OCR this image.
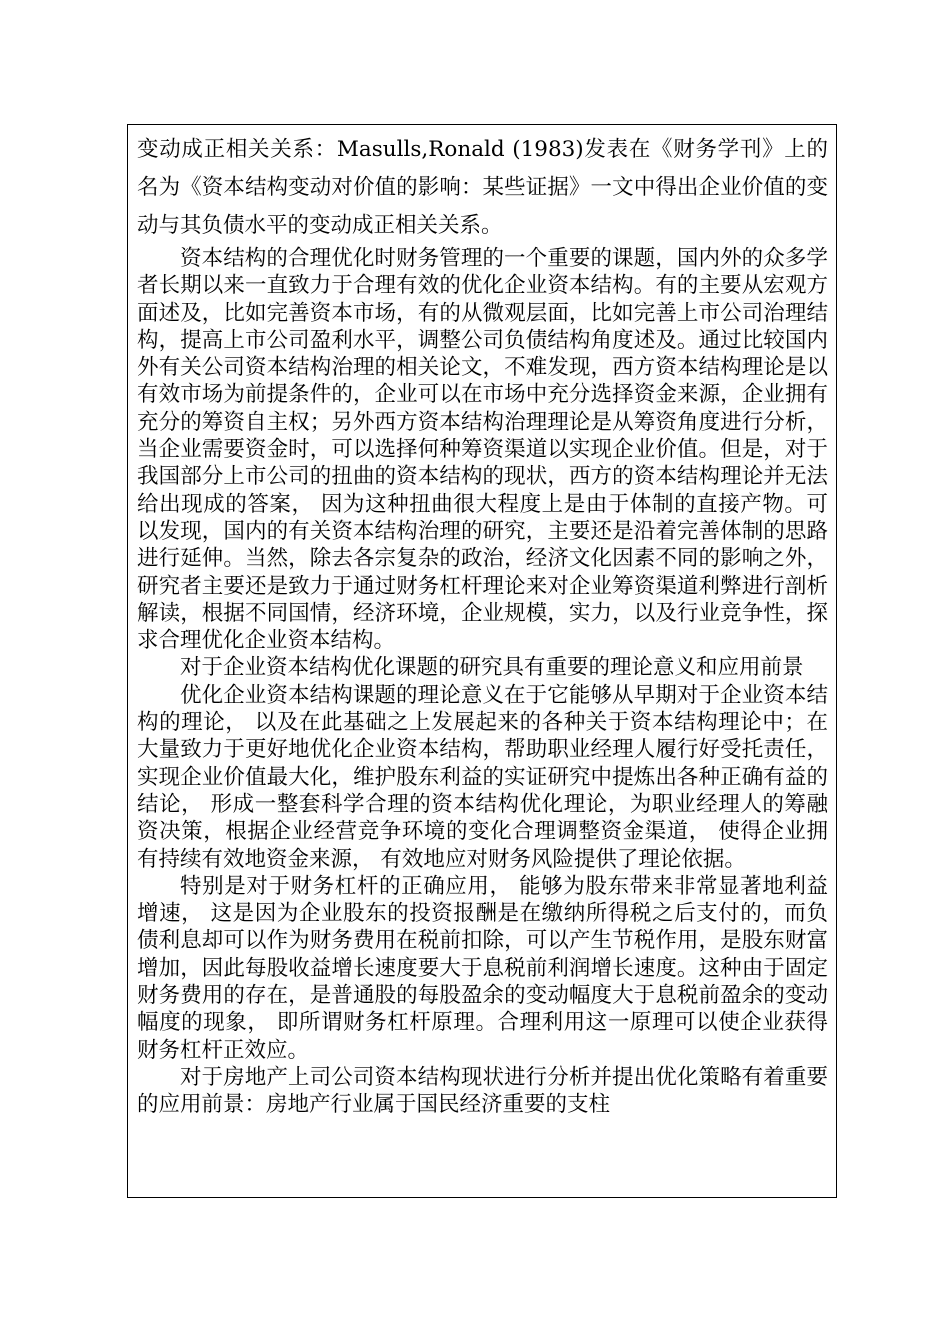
变动成正相关关系：Masulls,Ronald (1983)发表在《财务学刊》上的名为《资本结构变动对价值的影响：某些证据》一文中得出企业价值的变动与其负债水平的变动成正相关关系。

资本结构的合理优化时财务管理的一个重要的课题，国内外的众多学者长期以来一直致力于合理有效的优化企业资本结构。有的主要从宏观方面述及，比如完善资本市场，有的从微观层面，比如完善上市公司治理结构，提高上市公司盈利水平，调整公司负债结构角度述及。通过比较国内外有关公司资本结构治理的相关论文，不难发现，西方资本结构理论是以有效市场为前提条件的，企业可以在市场中充分选择资金来源，企业拥有充分的筹资自主权；另外西方资本结构治理理论是从筹资角度进行分析，当企业需要资金时，可以选择何种筹资渠道以实现企业价值。但是，对于我国部分上市公司的扭曲的资本结构的现状，西方的资本结构理论并无法给出现成的答案， 因为这种扭曲很大程度上是由于体制的直接产物。可以发现，国内的有关资本结构治理的研究，主要还是沿着完善体制的思路进行延伸。当然，除去各宗复杂的政治，经济文化因素不同的影响之外，研究者主要还是致力于通过财务杠杆理论来对企业筹资渠道利弊进行剖析解读，根据不同国情，经济环境，企业规模，实力，以及行业竞争性，探求合理优化企业资本结构。

对于企业资本结构优化课题的研究具有重要的理论意义和应用前景

优化企业资本结构课题的理论意义在于它能够从早期对于企业资本结构的理论， 以及在此基础之上发展起来的各种关于资本结构理论中；在大量致力于更好地优化企业资本结构，帮助职业经理人履行好受托责任，实现企业价值最大化，维护股东利益的实证研究中提炼出各种正确有益的结论， 形成一整套科学合理的资本结构优化理论，为职业经理人的筹融资决策，根据企业经营竞争环境的变化合理调整资金渠道， 使得企业拥有持续有效地资金来源， 有效地应对财务风险提供了理论依据。

特别是对于财务杠杆的正确应用， 能够为股东带来非常显著地利益增速， 这是因为企业股东的投资报酬是在缴纳所得税之后支付的，而负债利息却可以作为财务费用在税前扣除，可以产生节税作用，是股东财富增加，因此每股收益增长速度要大于息税前利润增长速度。这种由于固定财务费用的存在，是普通股的每股盈余的变动幅度大于息税前盈余的变动幅度的现象， 即所谓财务杠杆原理。合理利用这一原理可以使企业获得财务杠杆正效应。

对于房地产上司公司资本结构现状进行分析并提出优化策略有着重要的应用前景：房地产行业属于国民经济重要的支柱
